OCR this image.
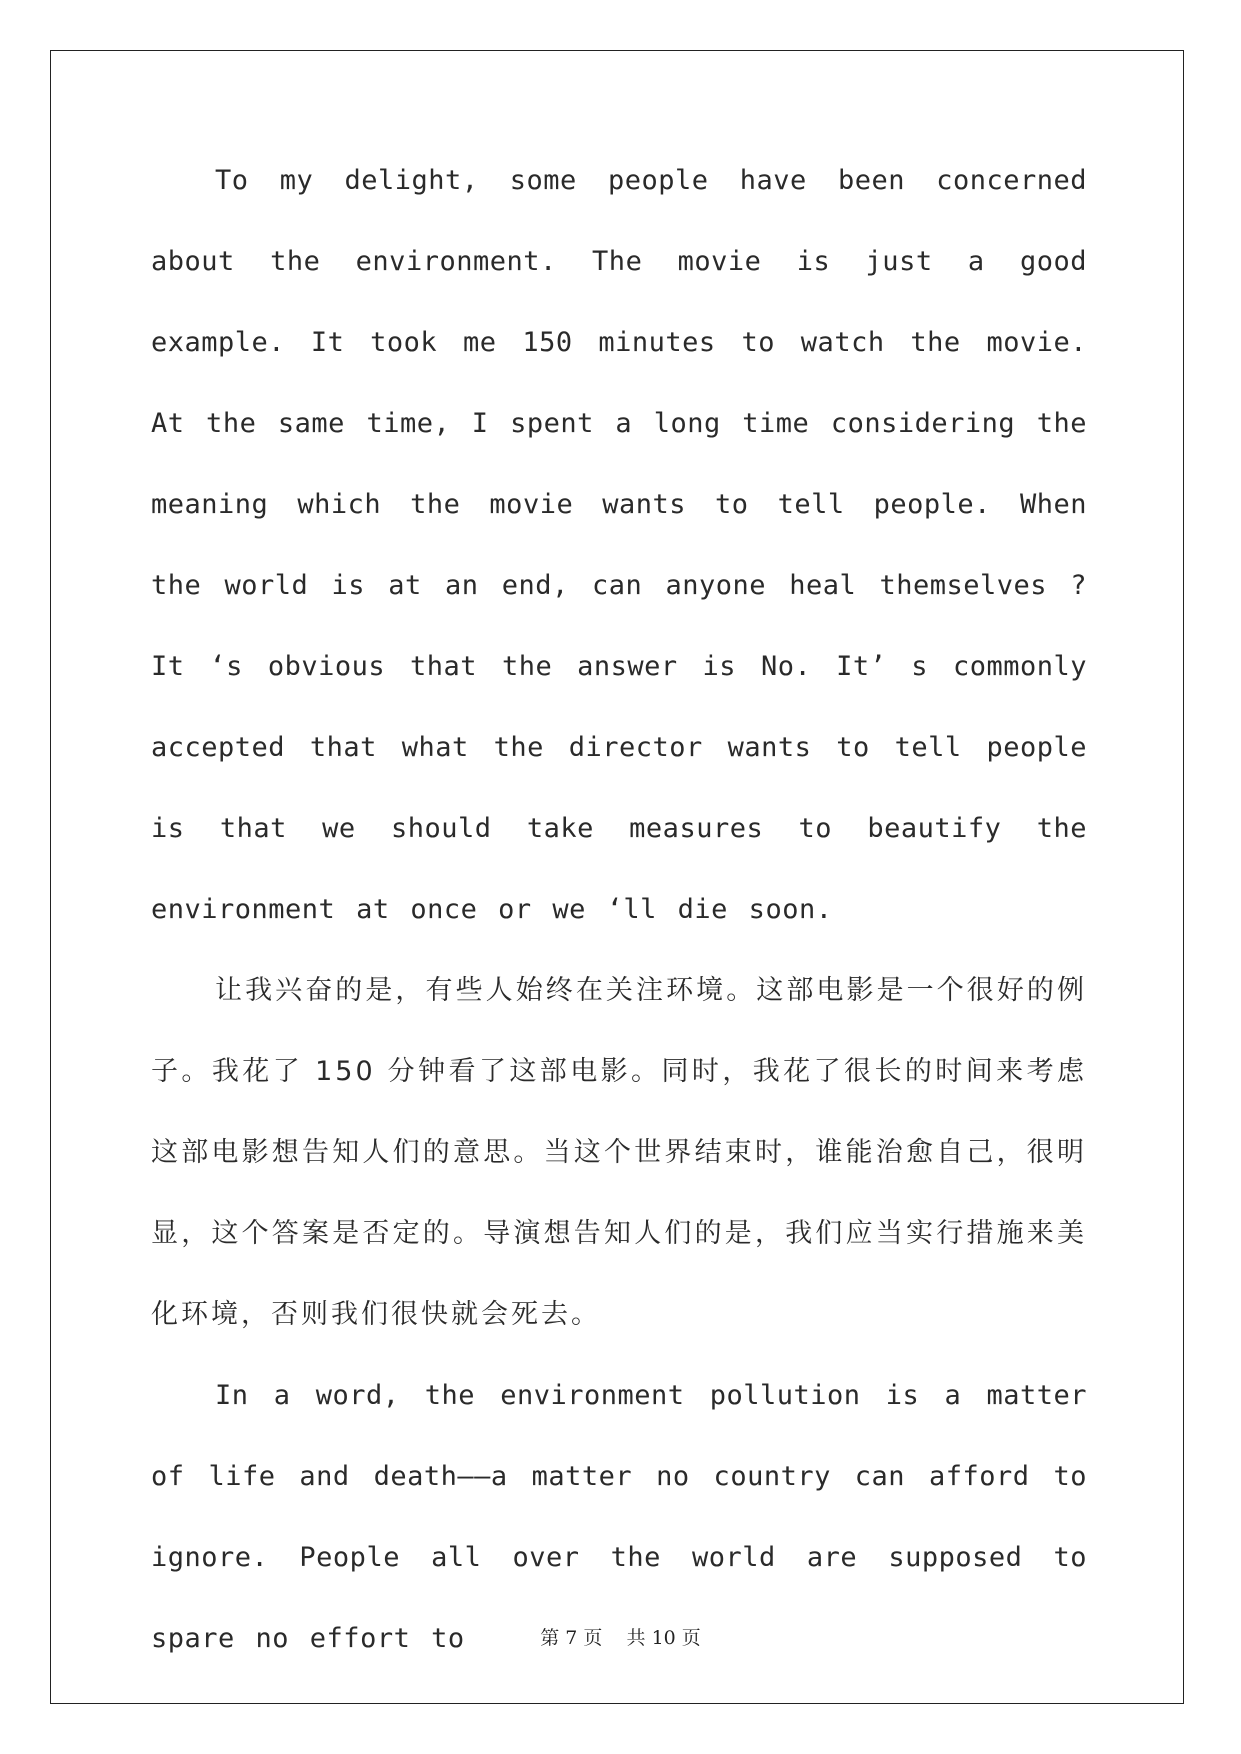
To my delight, some people have been concerned about the environment. The movie is just a good example. It took me 150 minutes to watch the movie. At the same time, I spent a long time considering the meaning which the movie wants to tell people. When the world is at an end, can anyone heal themselves ? It ‘s obvious that the answer is No. It’ s commonly accepted that what the director wants to tell people is that we should take measures to beautify the environment at once or we ‘ll die soon.

让我兴奋的是，有些人始终在关注环境。这部电影是一个很好的例子。我花了 150 分钟看了这部电影。同时，我花了很长的时间来考虑这部电影想告知人们的意思。当这个世界结束时，谁能治愈自己，很明显，这个答案是否定的。导演想告知人们的是，我们应当实行措施来美化环境，否则我们很快就会死去。

In a word, the environment pollution is a matter of life and death——a matter no country can afford to ignore. People all over the world are supposed to spare no effort to	第 7 页 共 10 页
